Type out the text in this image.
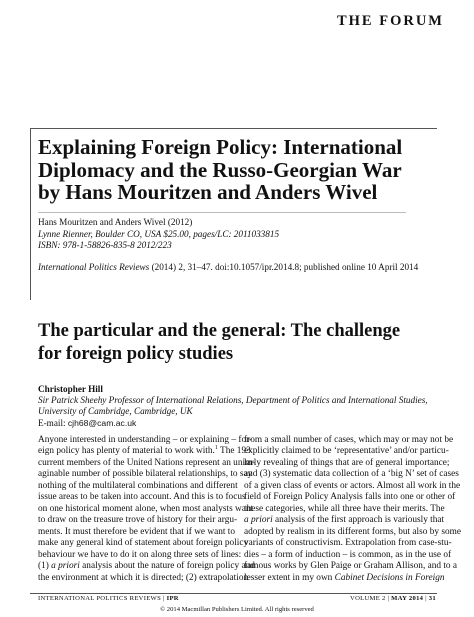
THE FORUM
Explaining Foreign Policy: International
Diplomacy and the Russo-Georgian War
by Hans Mouritzen and Anders Wivel
Hans Mouritzen and Anders Wivel (2012)
Lynne Rienner, Boulder CO, USA $25.00, pages/LC: 2011033815
ISBN: 978-1-58826-835-8 2012/223
International Politics Reviews (2014) 2, 31–47. doi:10.1057/ipr.2014.8; published online 10 April 2014
The particular and the general: The challenge
for foreign policy studies
Christopher Hill
Sir Patrick Sheehy Professor of International Relations, Department of Politics and International Studies,
University of Cambridge, Cambridge, UK
E-mail: cjh68@cam.ac.uk
Anyone interested in understanding – or explaining – for-
eign policy has plenty of material to work with.$^1$ The 193
current members of the United Nations represent an unim-
aginable number of possible bilateral relationships, to say
nothing of the multilateral combinations and different
issue areas to be taken into account. And this is to focus
on one historical moment alone, when most analysts want
to draw on the treasure trove of history for their argu-
ments. It must therefore be evident that if we want to
make any general kind of statement about foreign policy
behaviour we have to do it on along three sets of lines:
(1) a priori analysis about the nature of foreign policy and
the environment at which it is directed; (2) extrapolation
from a small number of cases, which may or may not be
explicitly claimed to be ‘representative’ and/or particu-
larly revealing of things that are of general importance;
and (3) systematic data collection of a ‘big N’ set of cases
of a given class of events or actors. Almost all work in the
field of Foreign Policy Analysis falls into one or other of
these categories, while all three have their merits. The
a priori analysis of the first approach is variously that
adopted by realism in its different forms, but also by some
variants of constructivism. Extrapolation from case-stu-
dies – a form of induction – is common, as in the use of
famous works by Glen Paige or Graham Allison, and to a
lesser extent in my own Cabinet Decisions in Foreign
INTERNATIONAL POLITICS REVIEWS | IPR	VOLUME 2 | MAY 2014 | 31
© 2014 Macmillan Publishers Limited. All rights reserved
